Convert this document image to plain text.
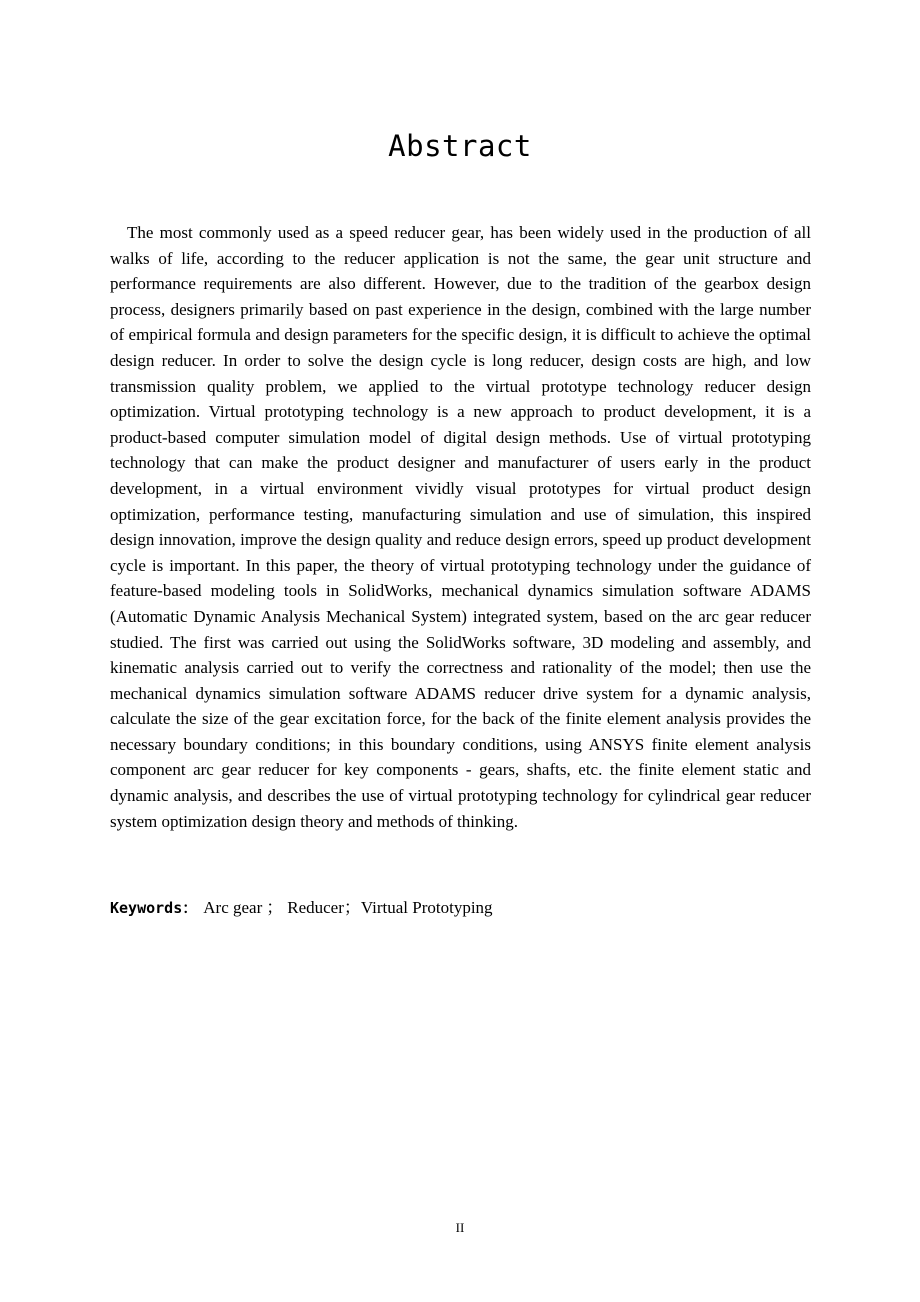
Abstract

The most commonly used as a speed reducer gear, has been widely used in the production of all walks of life, according to the reducer application is not the same, the gear unit structure and performance requirements are also different. However, due to the tradition of the gearbox design process, designers primarily based on past experience in the design, combined with the large number of empirical formula and design parameters for the specific design, it is difficult to achieve the optimal design reducer. In order to solve the design cycle is long reducer, design costs are high, and low transmission quality problem, we applied to the virtual prototype technology reducer design optimization. Virtual prototyping technology is a new approach to product development, it is a product-based computer simulation model of digital design methods. Use of virtual prototyping technology that can make the product designer and manufacturer of users early in the product development, in a virtual environment vividly visual prototypes for virtual product design optimization, performance testing, manufacturing simulation and use of simulation, this inspired design innovation, improve the design quality and reduce design errors, speed up product development cycle is important. In this paper, the theory of virtual prototyping technology under the guidance of feature-based modeling tools in SolidWorks, mechanical dynamics simulation software ADAMS (Automatic Dynamic Analysis Mechanical System) integrated system, based on the arc gear reducer studied. The first was carried out using the SolidWorks software, 3D modeling and assembly, and kinematic analysis carried out to verify the correctness and rationality of the model; then use the mechanical dynamics simulation software ADAMS reducer drive system for a dynamic analysis, calculate the size of the gear excitation force, for the back of the finite element analysis provides the necessary boundary conditions; in this boundary conditions, using ANSYS finite element analysis component arc gear reducer for key components - gears, shafts, etc. the finite element static and dynamic analysis, and describes the use of virtual prototyping technology for cylindrical gear reducer system optimization design theory and methods of thinking.

Keywords： Arc gear ； Reducer；Virtual Prototyping
II
